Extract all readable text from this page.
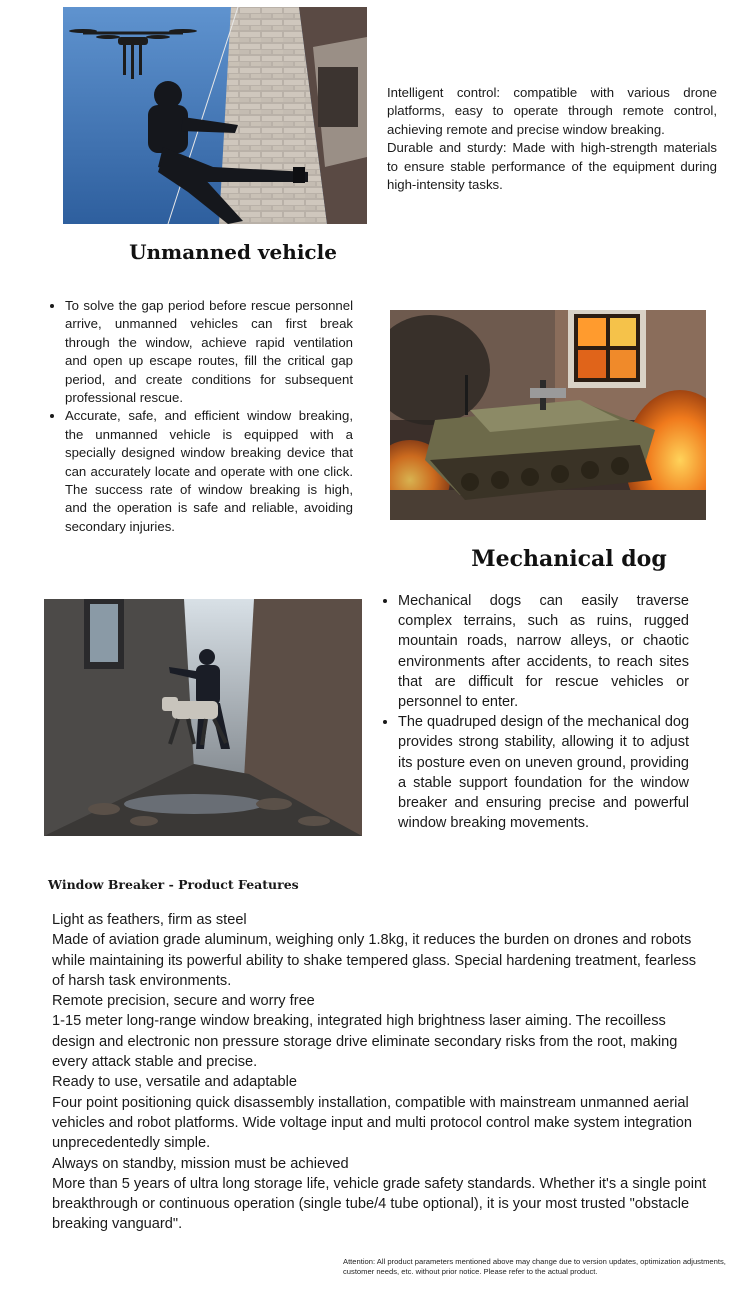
Intelligent control: compatible with various drone platforms, easy to operate through remote control, achieving remote and precise window breaking.

Durable and sturdy: Made with high-strength materials to ensure stable performance of the equipment during high-intensity tasks.

Unmanned vehicle
• To solve the gap period before rescue personnel arrive, unmanned vehicles can first break through the window, achieve rapid ventilation and open up escape routes, fill the critical gap period, and create conditions for subsequent professional rescue.
• Accurate, safe, and efficient window breaking, the unmanned vehicle is equipped with a specially designed window breaking device that can accurately locate and operate with one click. The success rate of window breaking is high, and the operation is safe and reliable, avoiding secondary injuries.
Mechanical dog
• Mechanical dogs can easily traverse complex terrains, such as ruins, rugged mountain roads, narrow alleys, or chaotic environments after accidents, to reach sites that are difficult for rescue vehicles or personnel to enter.
• The quadruped design of the mechanical dog provides strong stability, allowing it to adjust its posture even on uneven ground, providing a stable support foundation for the window breaker and ensuring precise and powerful window breaking movements.
Window Breaker - Product Features

Light as feathers, firm as steel

Made of aviation grade aluminum, weighing only 1.8kg, it reduces the burden on drones and robots while maintaining its powerful ability to shake tempered glass. Special hardening treatment, fearless of harsh task environments.

Remote precision, secure and worry free

1-15 meter long-range window breaking, integrated high brightness laser aiming. The recoilless design and electronic non pressure storage drive eliminate secondary risks from the root, making every attack stable and precise.

Ready to use, versatile and adaptable

Four point positioning quick disassembly installation, compatible with mainstream unmanned aerial vehicles and robot platforms. Wide voltage input and multi protocol control make system integration unprecedentedly simple.

Always on standby, mission must be achieved

More than 5 years of ultra long storage life, vehicle grade safety standards. Whether it's a single point breakthrough or continuous operation (single tube/4 tube optional), it is your most trusted "obstacle breaking vanguard".

Attention: All product parameters mentioned above may change due to version updates, optimization adjustments, customer needs, etc. without prior notice. Please refer to the actual product.
